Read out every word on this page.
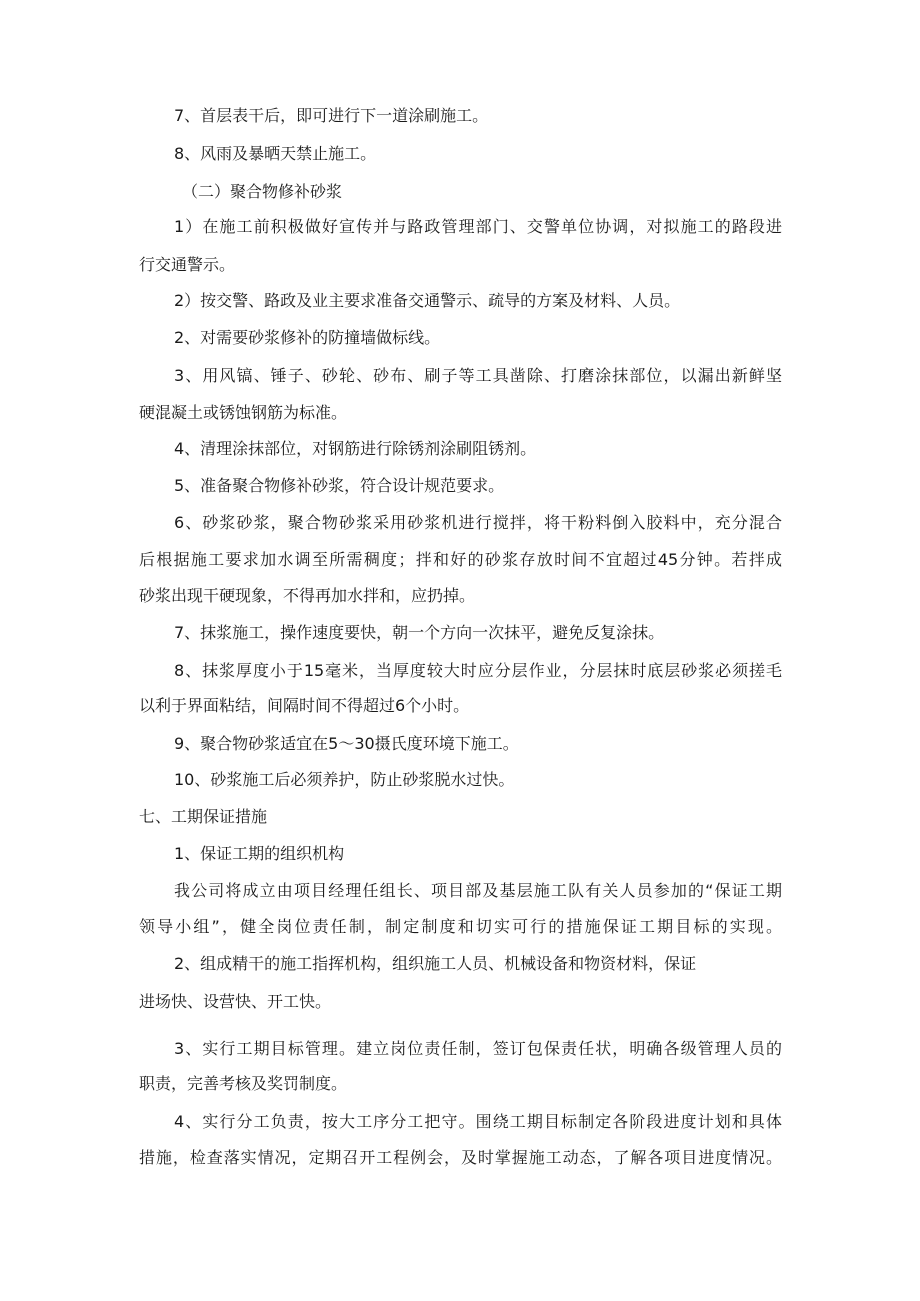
7、首层表干后，即可进行下一道涂刷施工。

8、风雨及暴晒天禁止施工。

（二）聚合物修补砂浆

1）在施工前积极做好宣传并与路政管理部门、交警单位协调，对拟施工的路段进

行交通警示。

2）按交警、路政及业主要求准备交通警示、疏导的方案及材料、人员。

2、对需要砂浆修补的防撞墙做标线。

3、用风镐、锤子、砂轮、砂布、刷子等工具凿除、打磨涂抹部位，以漏出新鲜坚

硬混凝土或锈蚀钢筋为标准。

4、清理涂抹部位，对钢筋进行除锈剂涂刷阻锈剂。

5、准备聚合物修补砂浆，符合设计规范要求。

6、砂浆砂浆，聚合物砂浆采用砂浆机进行搅拌，将干粉料倒入胶料中，充分混合

后根据施工要求加水调至所需稠度；拌和好的砂浆存放时间不宜超过45分钟。若拌成

砂浆出现干硬现象，不得再加水拌和，应扔掉。

7、抹浆施工，操作速度要快，朝一个方向一次抹平，避免反复涂抹。

8、抹浆厚度小于15毫米，当厚度较大时应分层作业，分层抹时底层砂浆必须搓毛

以利于界面粘结，间隔时间不得超过6个小时。

9、聚合物砂浆适宜在5～30摄氏度环境下施工。

10、砂浆施工后必须养护，防止砂浆脱水过快。

七、工期保证措施

1、保证工期的组织机构

我公司将成立由项目经理任组长、项目部及基层施工队有关人员参加的“保证工期

领导小组”，健全岗位责任制，制定制度和切实可行的措施保证工期目标的实现。

2、组成精干的施工指挥机构，组织施工人员、机械设备和物资材料，保证

进场快、设营快、开工快。

3、实行工期目标管理。建立岗位责任制，签订包保责任状，明确各级管理人员的

职责，完善考核及奖罚制度。

4、实行分工负责，按大工序分工把守。围绕工期目标制定各阶段进度计划和具体

措施，检查落实情况，定期召开工程例会，及时掌握施工动态，了解各项目进度情况。
